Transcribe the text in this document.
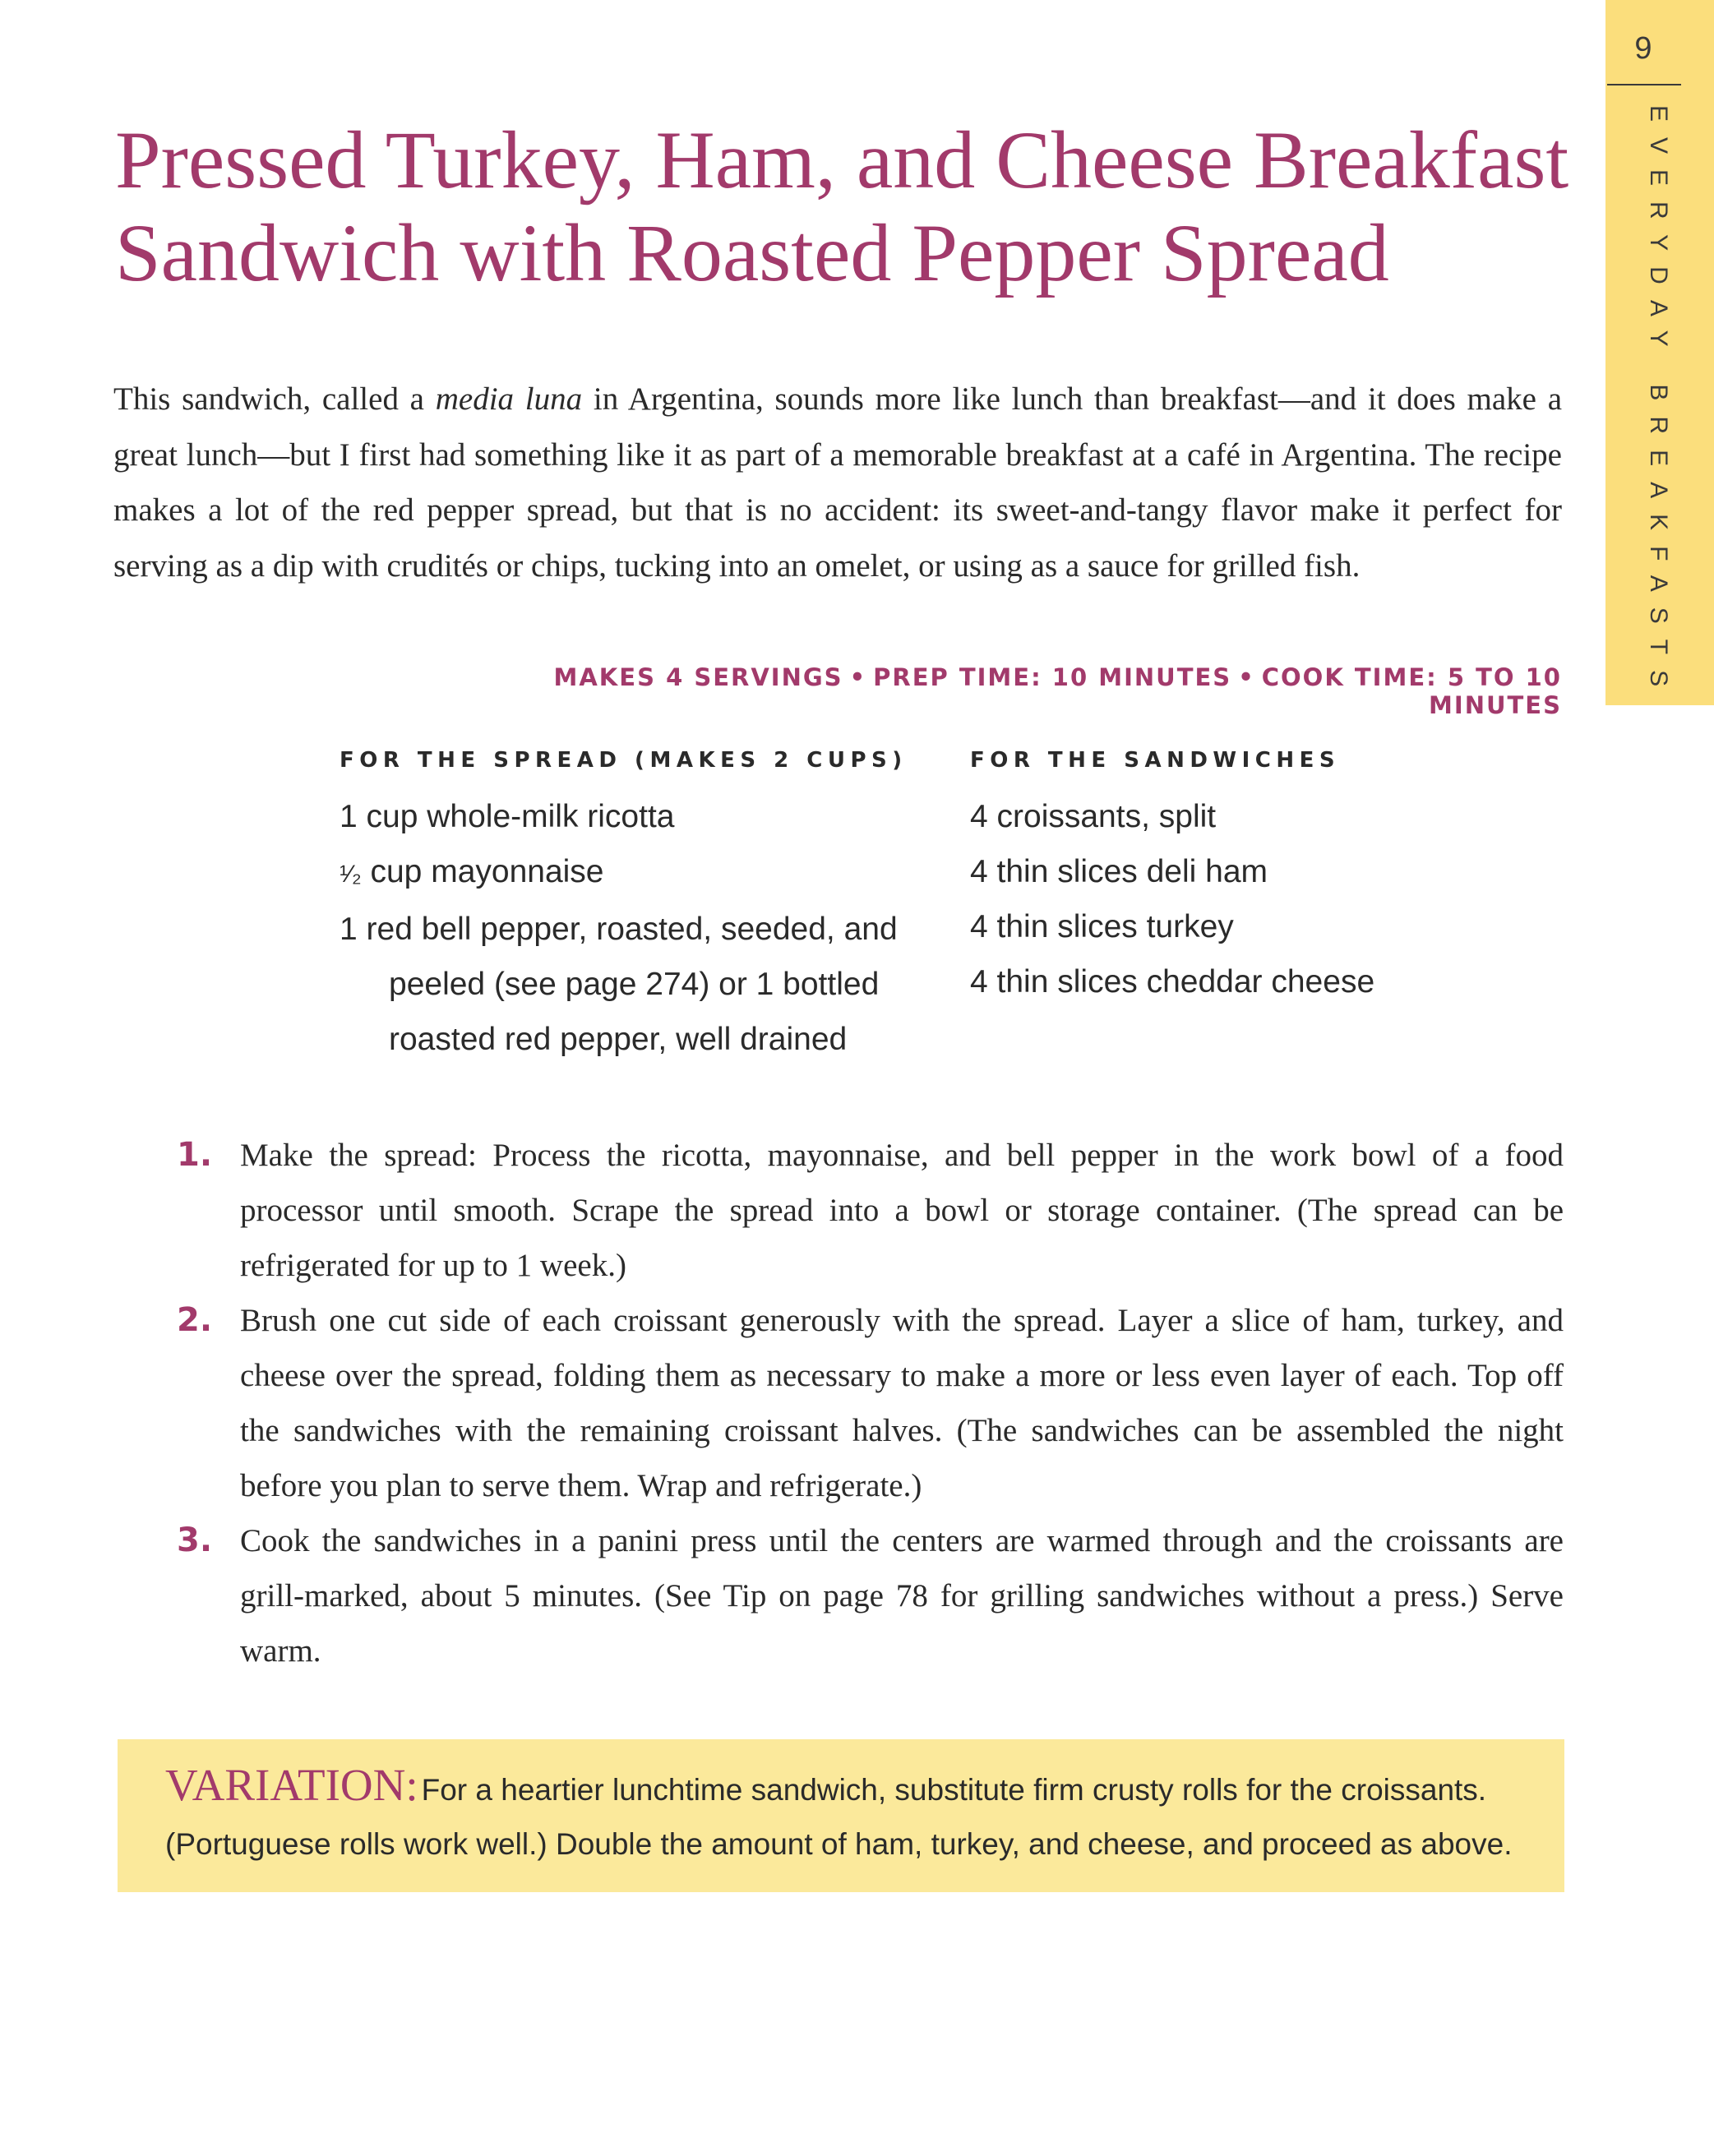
9
EVERYDAY BREAKFASTS
Pressed Turkey, Ham, and Cheese Breakfast Sandwich with Roasted Pepper Spread

This sandwich, called a media luna in Argentina, sounds more like lunch than breakfast—and it does make a great lunch—but I first had something like it as part of a memorable breakfast at a café in Argentina. The recipe makes a lot of the red pepper spread, but that is no accident: its sweet-and-tangy flavor make it perfect for serving as a dip with crudités or chips, tucking into an omelet, or using as a sauce for grilled fish.

MAKES 4 SERVINGS • PREP TIME: 10 MINUTES • COOK TIME: 5 TO 10 MINUTES
FOR THE SPREAD (MAKES 2 CUPS)
1 cup whole-milk ricotta
¹⁄₂ cup mayonnaise
1 red bell pepper, roasted, seeded, and peeled (see page 274) or 1 bottled roasted red pepper, well drained
FOR THE SANDWICHES
4 croissants, split
4 thin slices deli ham
4 thin slices turkey
4 thin slices cheddar cheese
1. Make the spread: Process the ricotta, mayonnaise, and bell pepper in the work bowl of a food processor until smooth. Scrape the spread into a bowl or storage container. (The spread can be refrigerated for up to 1 week.)
2. Brush one cut side of each croissant generously with the spread. Layer a slice of ham, turkey, and cheese over the spread, folding them as necessary to make a more or less even layer of each. Top off the sandwiches with the remaining croissant halves. (The sandwiches can be assembled the night before you plan to serve them. Wrap and refrigerate.)
3. Cook the sandwiches in a panini press until the centers are warmed through and the croissants are grill-marked, about 5 minutes. (See Tip on page 78 for grilling sandwiches without a press.) Serve warm.
VARIATION: For a heartier lunchtime sandwich, substitute firm crusty rolls for the croissants. (Portuguese rolls work well.) Double the amount of ham, turkey, and cheese, and proceed as above.
